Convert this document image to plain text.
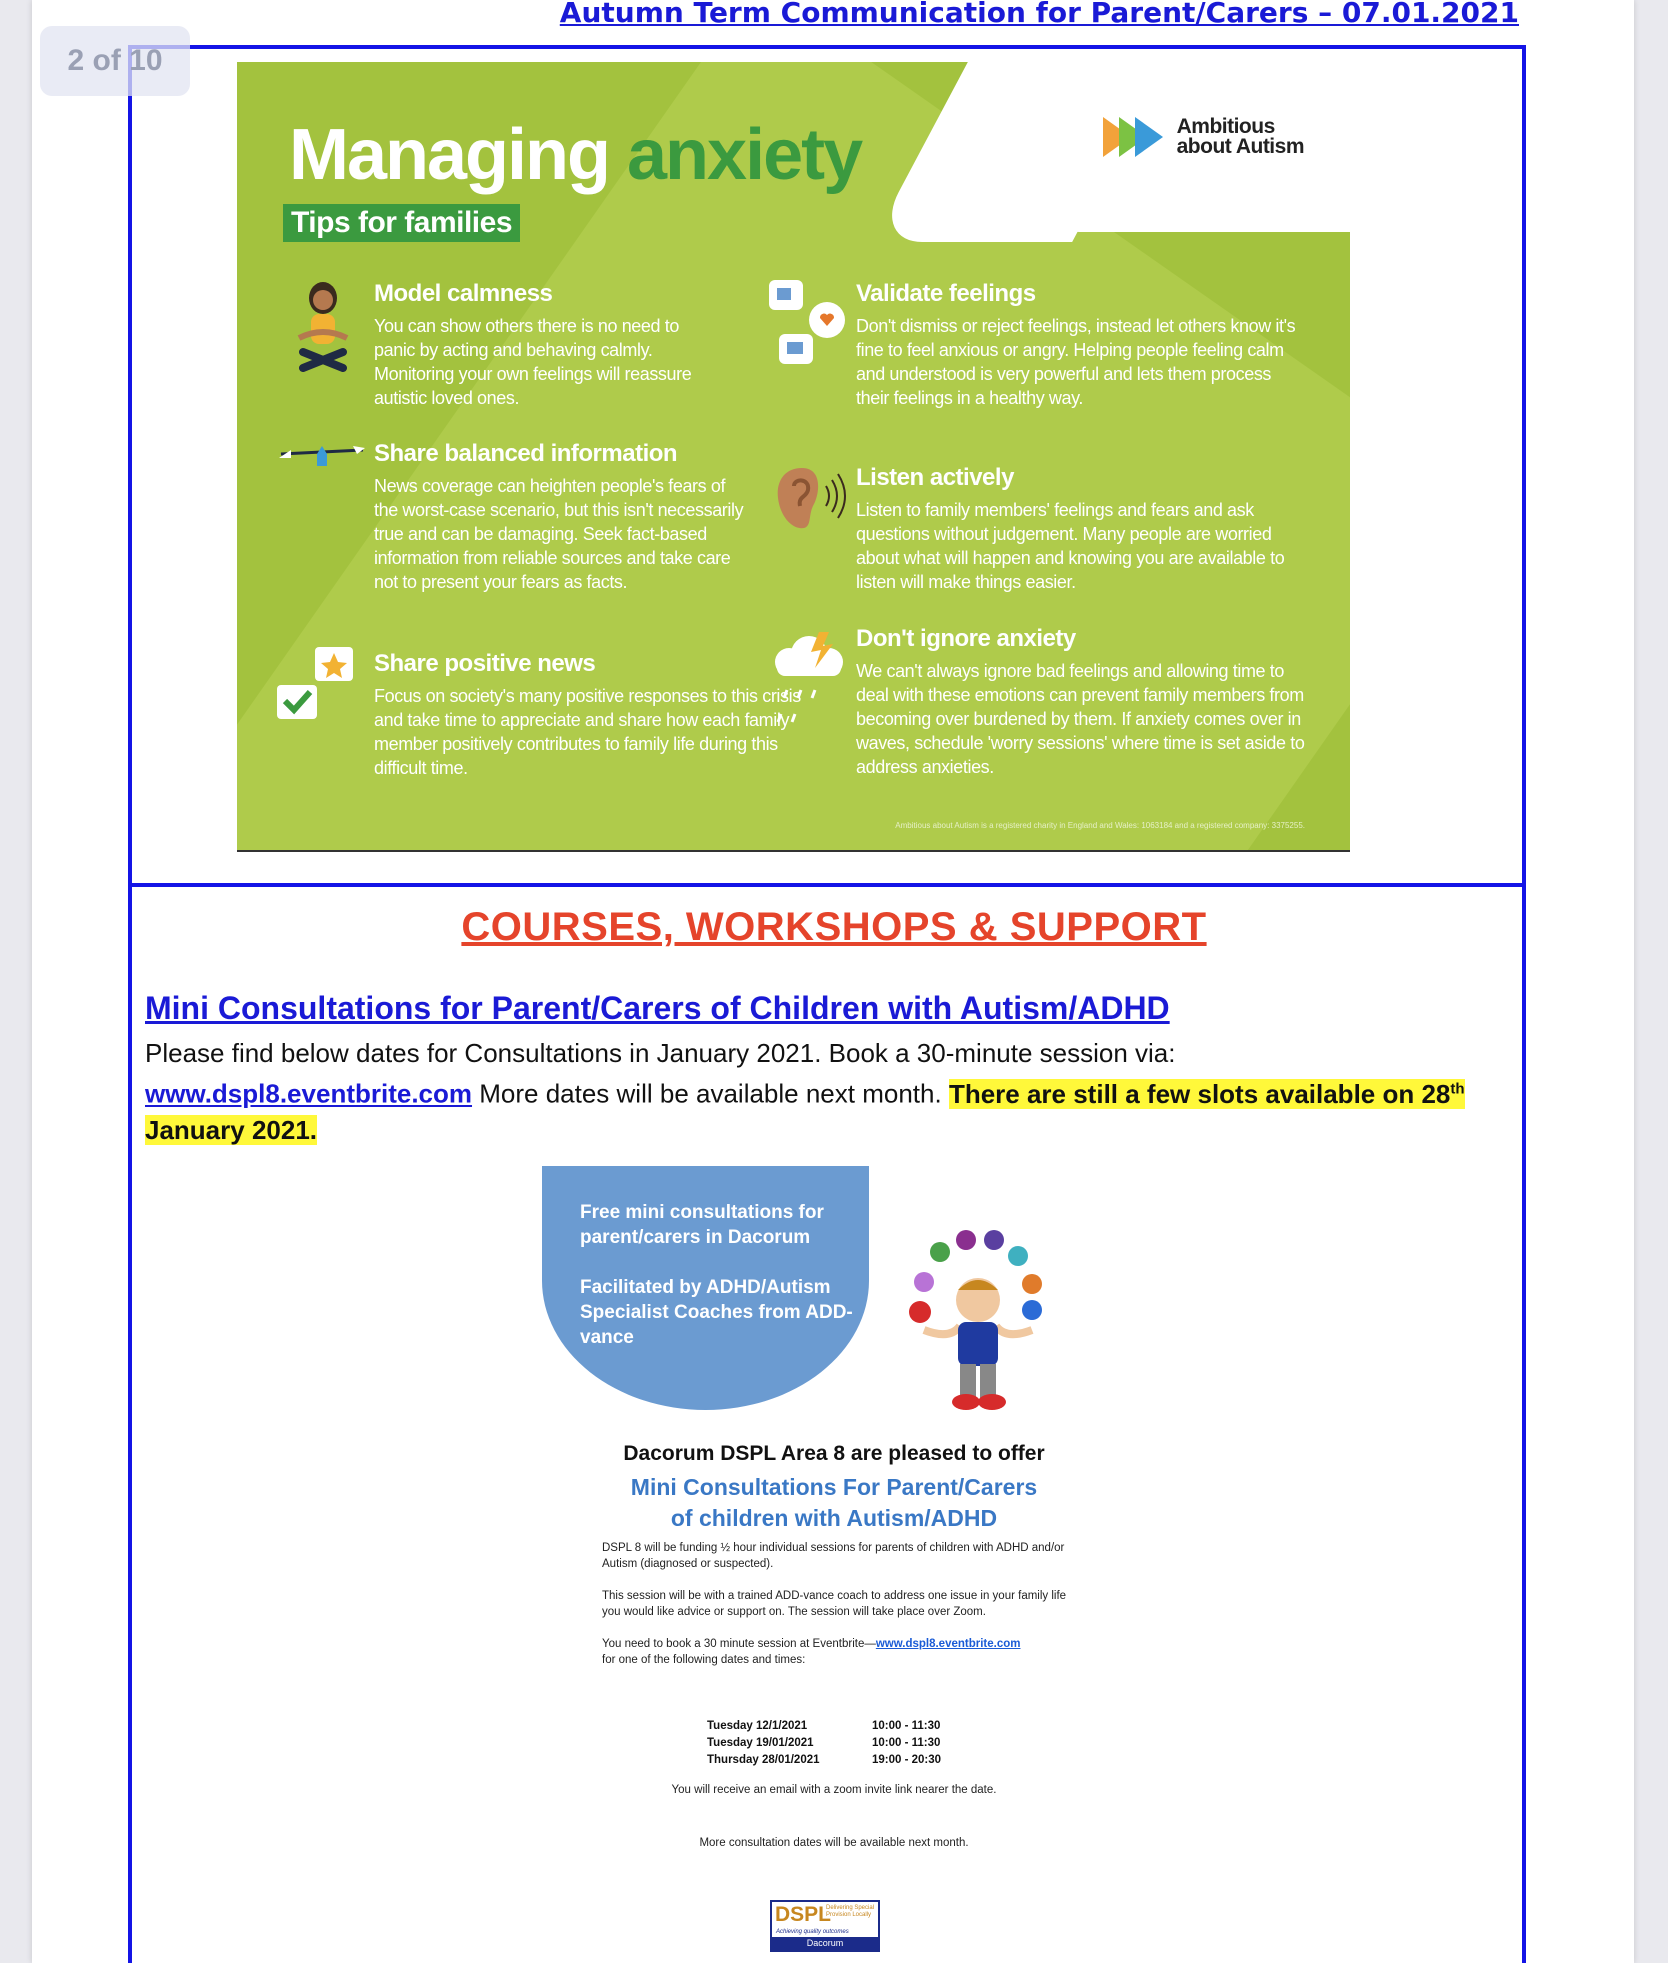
Autumn Term Communication for Parent/Carers – 07.01.2021
2 of 10
Ambitious
about Autism
Managing anxiety
Tips for families
Model calmness

You can show others there is no need to panic by acting and behaving calmly. Monitoring your own feelings will reassure autistic loved ones.

Share balanced information

News coverage can heighten people's fears of the worst-case scenario, but this isn't necessarily true and can be damaging. Seek fact-based information from reliable sources and take care not to present your fears as facts.

Share positive news

Focus on society's many positive responses to this crisis and take time to appreciate and share how each family member positively contributes to family life during this difficult time.

Validate feelings

Don't dismiss or reject feelings, instead let others know it's fine to feel anxious or angry. Helping people feeling calm and understood is very powerful and lets them process their feelings in a healthy way.

Listen actively

Listen to family members' feelings and fears and ask questions without judgement. Many people are worried about what will happen and knowing you are available to listen will make things easier.

Don't ignore anxiety

We can't always ignore bad feelings and allowing time to deal with these emotions can prevent family members from becoming over burdened by them. If anxiety comes over in waves, schedule 'worry sessions' where time is set aside to address anxieties.

Ambitious about Autism is a registered charity in England and Wales: 1063184 and a registered company: 3375255.
COURSES, WORKSHOPS & SUPPORT
Mini Consultations for Parent/Carers of Children with Autism/ADHD
Please find below dates for Consultations in January 2021. Book a 30-minute session via:
www.dspl8.eventbrite.com More dates will be available next month. There are still a few slots available on 28th January 2021.
Free mini consultations for parent/carers in Dacorum
Facilitated by ADHD/Autism Specialist Coaches from ADD-vance
Dacorum DSPL Area 8 are pleased to offer
Mini Consultations For Parent/Carers
of children with Autism/ADHD

DSPL 8 will be funding ½ hour individual sessions for parents of children with ADHD and/or Autism (diagnosed or suspected).

This session will be with a trained ADD-vance coach to address one issue in your family life you would like advice or support on. The session will take place over Zoom.

You need to book a 30 minute session at Eventbrite—www.dspl8.eventbrite.com
for one of the following dates and times:

Tuesday 12/1/2021	10:00 - 11:30
Tuesday 19/01/2021	10:00 - 11:30
Thursday 28/01/2021	19:00 - 20:30
You will receive an email with a zoom invite link nearer the date.
More consultation dates will be available next month.
DSPL
Delivering Special Provision Locally
Achieving quality outcomes
Dacorum
